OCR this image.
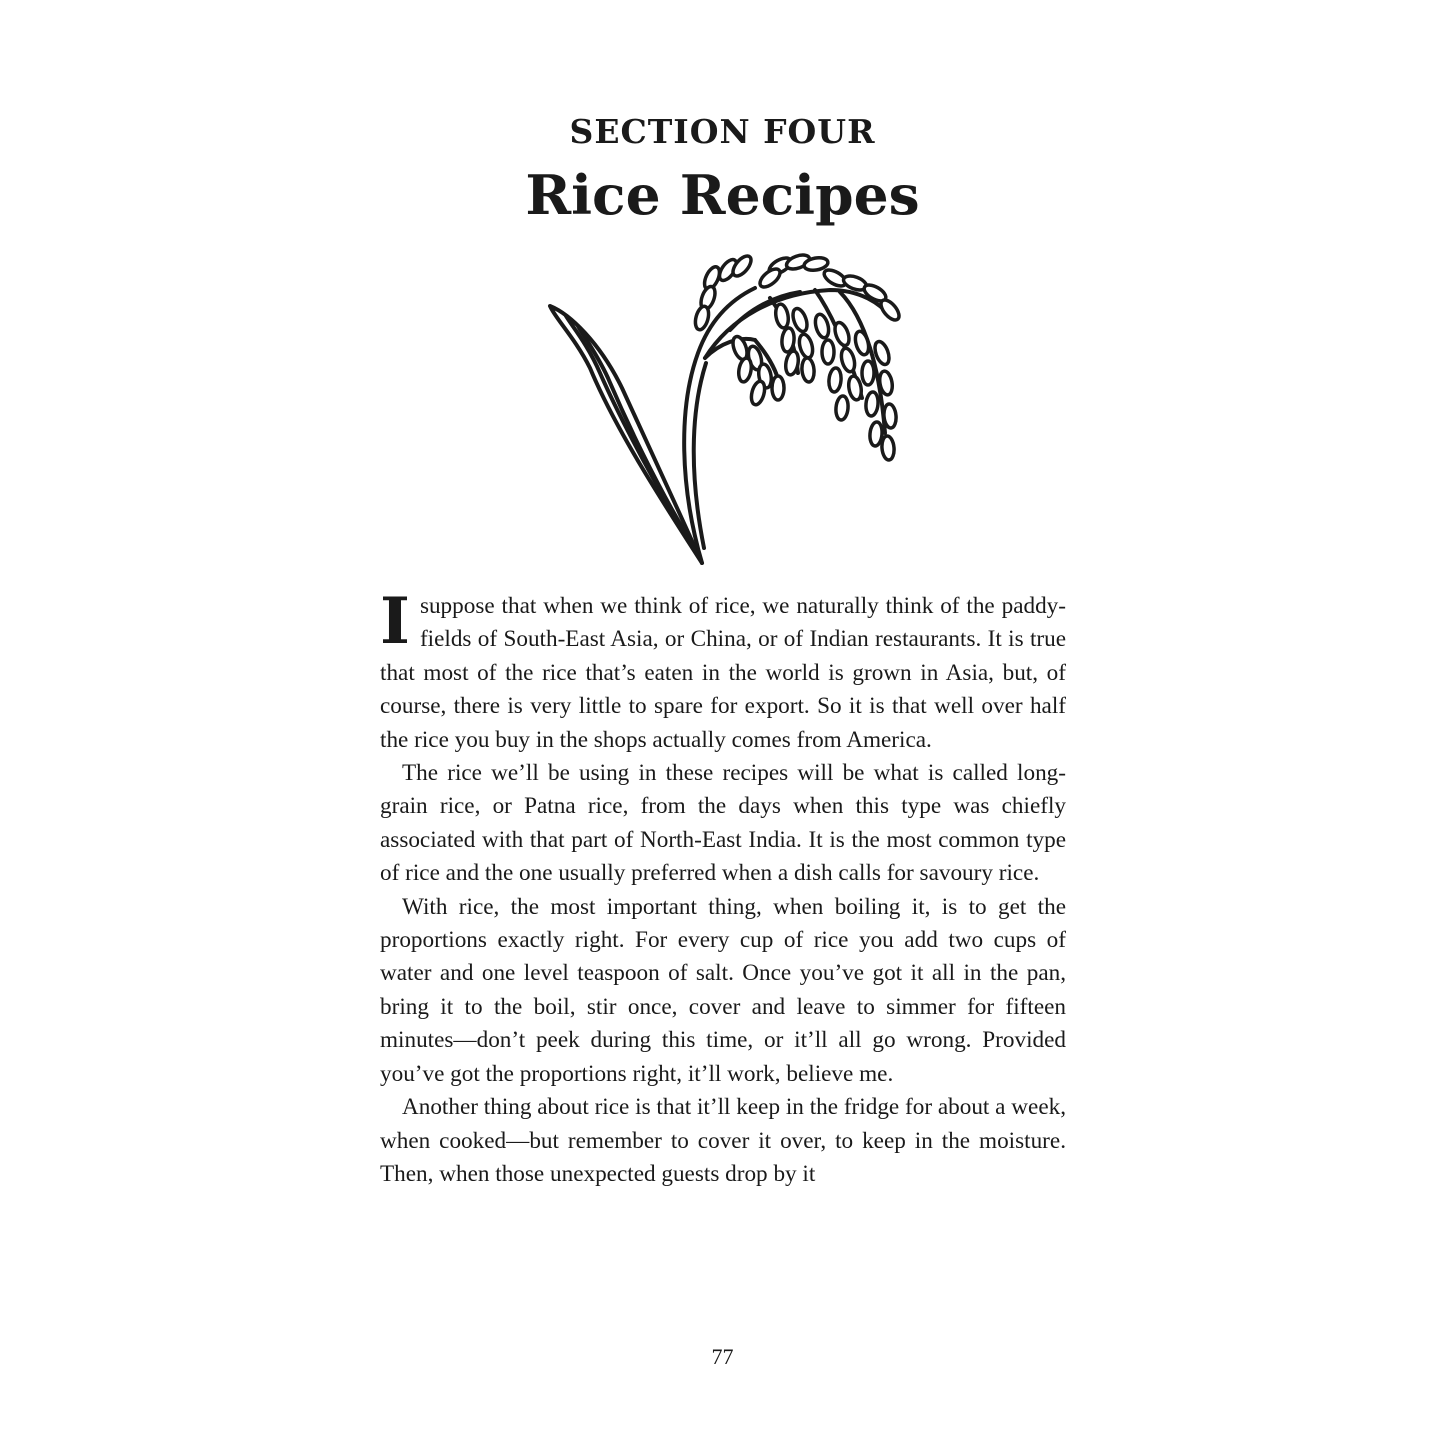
SECTION FOUR
Rice Recipes

Isuppose that when we think of rice, we naturally think of the paddy-fields of South-East Asia, or China, or of Indian restaurants. It is true that most of the rice that’s eaten in the world is grown in Asia, but, of course, there is very little to spare for export. So it is that well over half the rice you buy in the shops actually comes from America.

The rice we’ll be using in these recipes will be what is called long-grain rice, or Patna rice, from the days when this type was chiefly associated with that part of North-East India. It is the most common type of rice and the one usually preferred when a dish calls for savoury rice.

With rice, the most important thing, when boiling it, is to get the proportions exactly right. For every cup of rice you add two cups of water and one level teaspoon of salt. Once you’ve got it all in the pan, bring it to the boil, stir once, cover and leave to simmer for fifteen minutes—don’t peek during this time, or it’ll all go wrong. Provided you’ve got the proportions right, it’ll work, believe me.

Another thing about rice is that it’ll keep in the fridge for about a week, when cooked—but remember to cover it over, to keep in the moisture. Then, when those unexpected guests drop by it

77
